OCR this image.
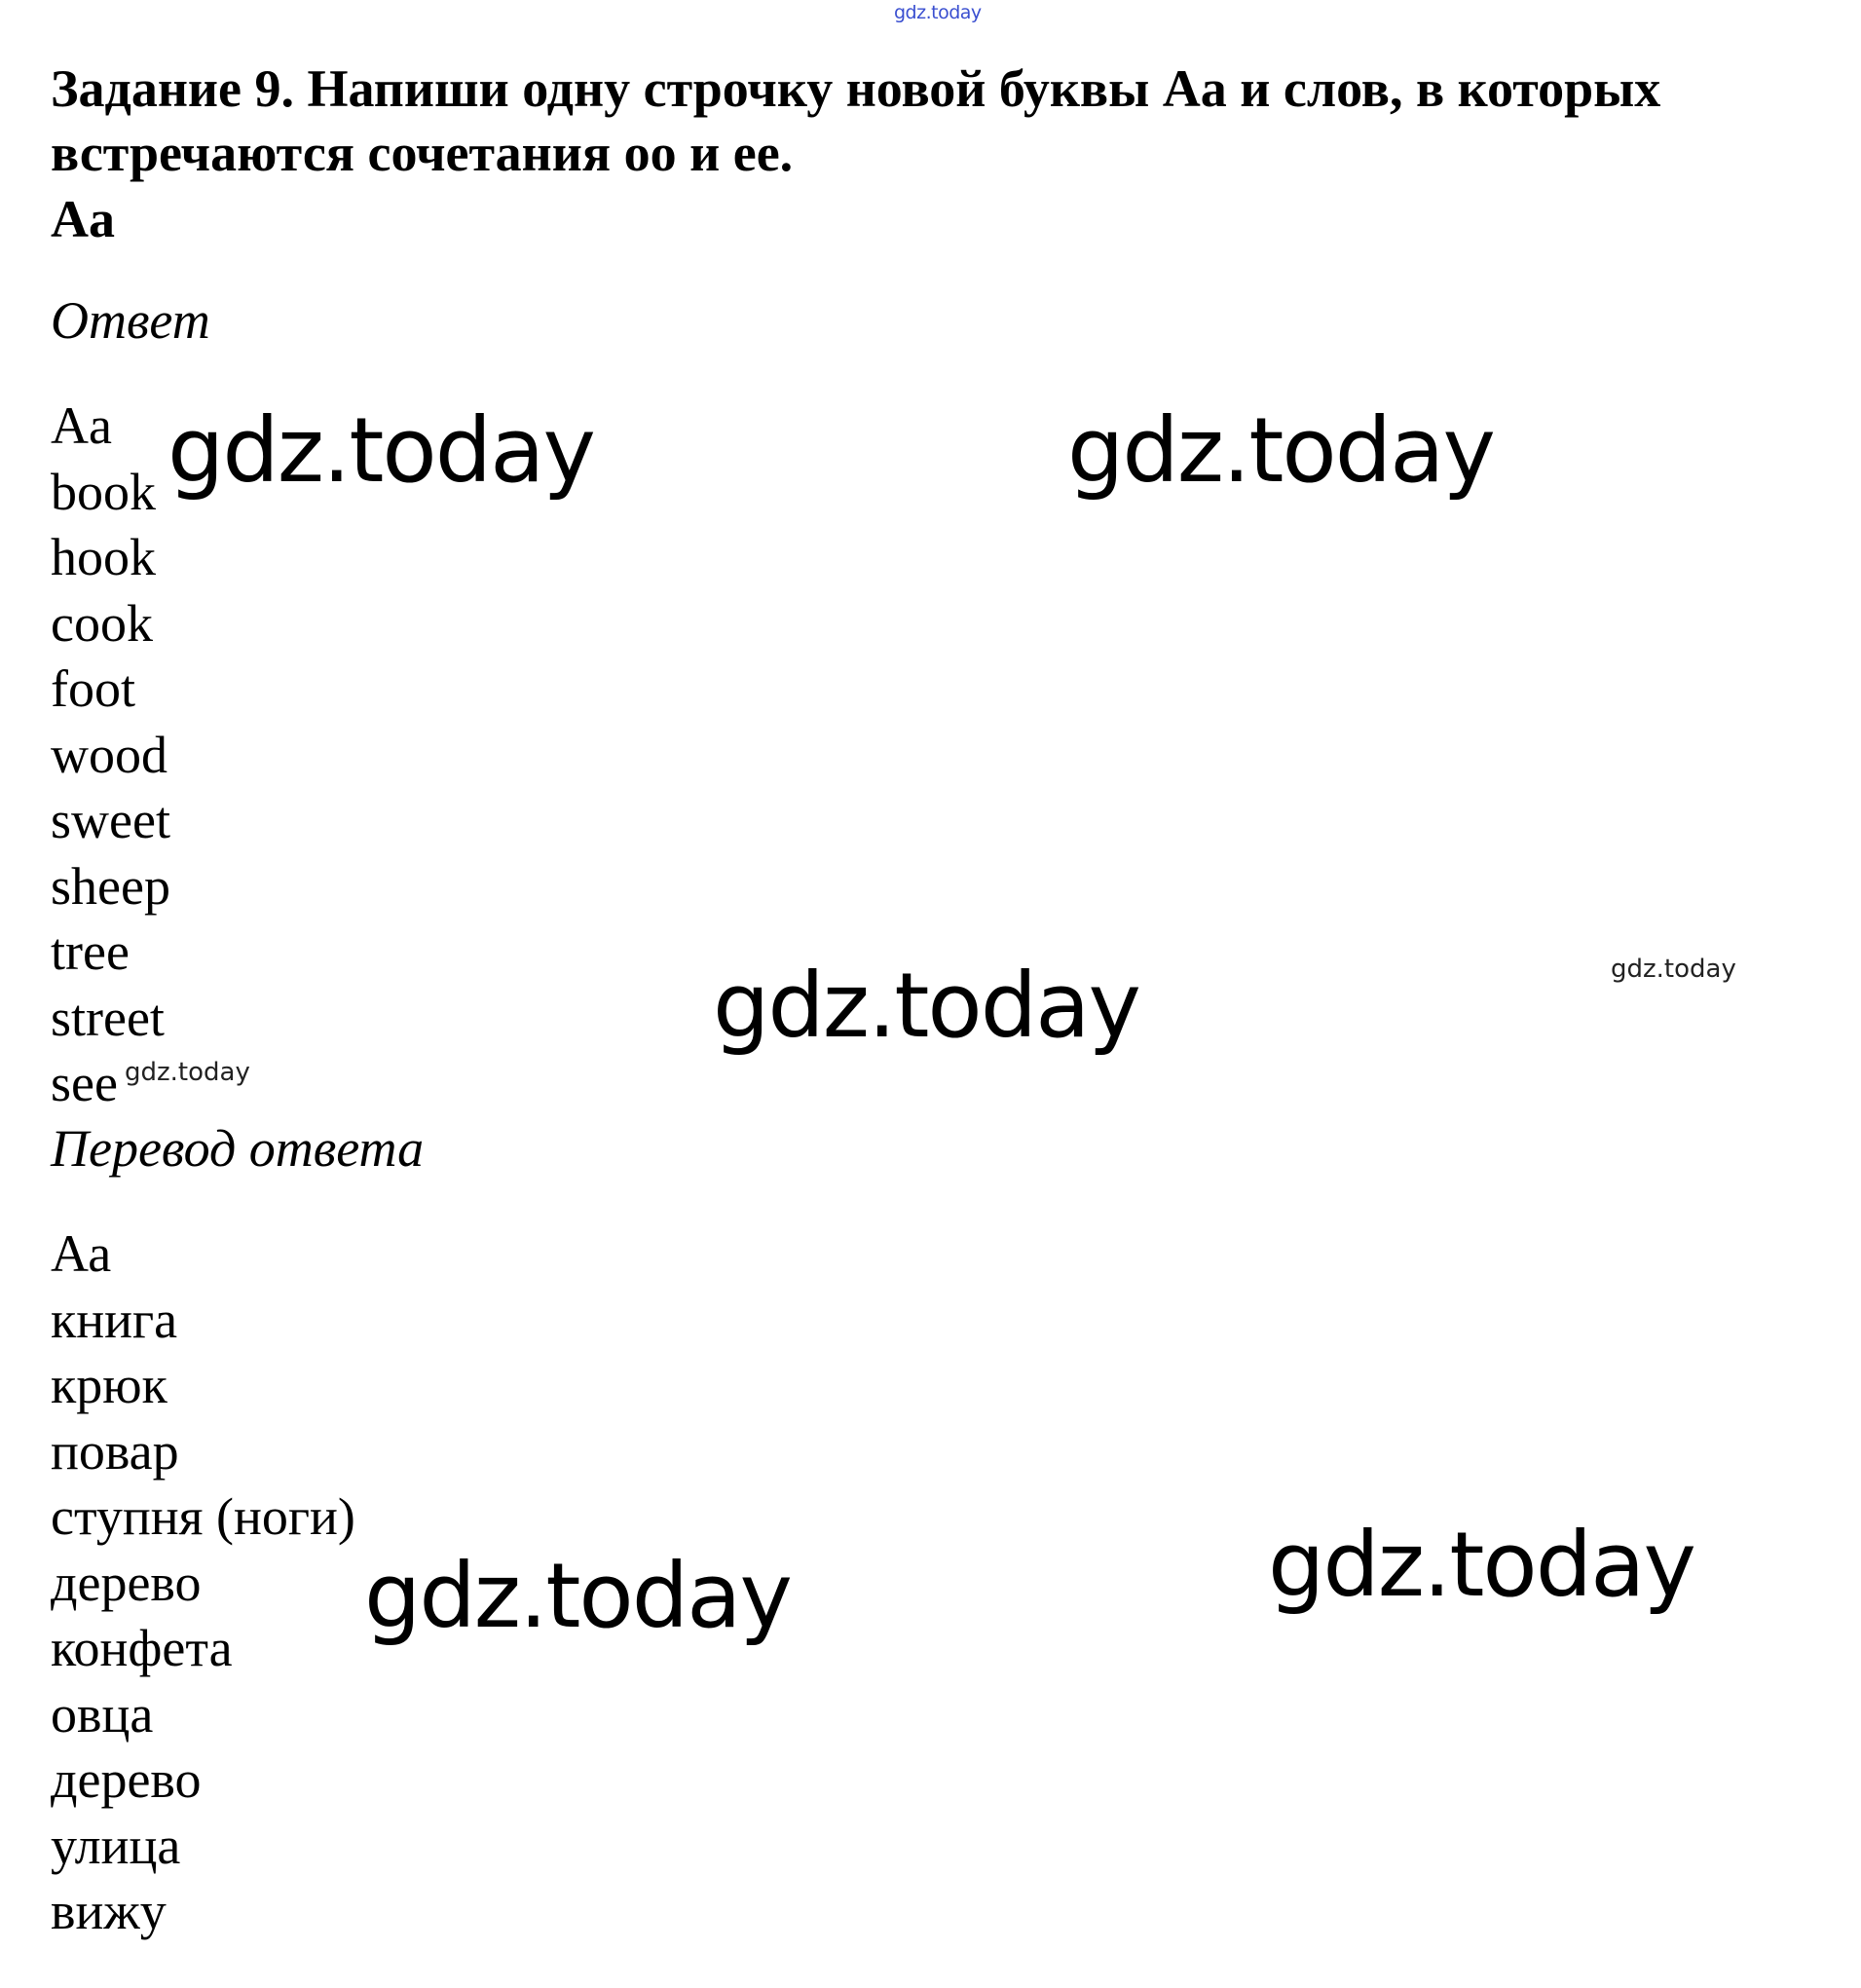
gdz.today
Задание 9. Напиши одну строчку новой буквы Aa и слов, в которых встречаются сочетания oo и ee.
Aa
Ответ
Aa
book
hook
cook
foot
wood
sweet
sheep
tree
street
see
Перевод ответа
Аа
книга
крюк
повар
ступня (ноги)
дерево
конфета
овца
дерево
улица
вижу
gdz.today	gdz.today
gdz.today	gdz.today
gdz.today
gdz.today	gdz.today
